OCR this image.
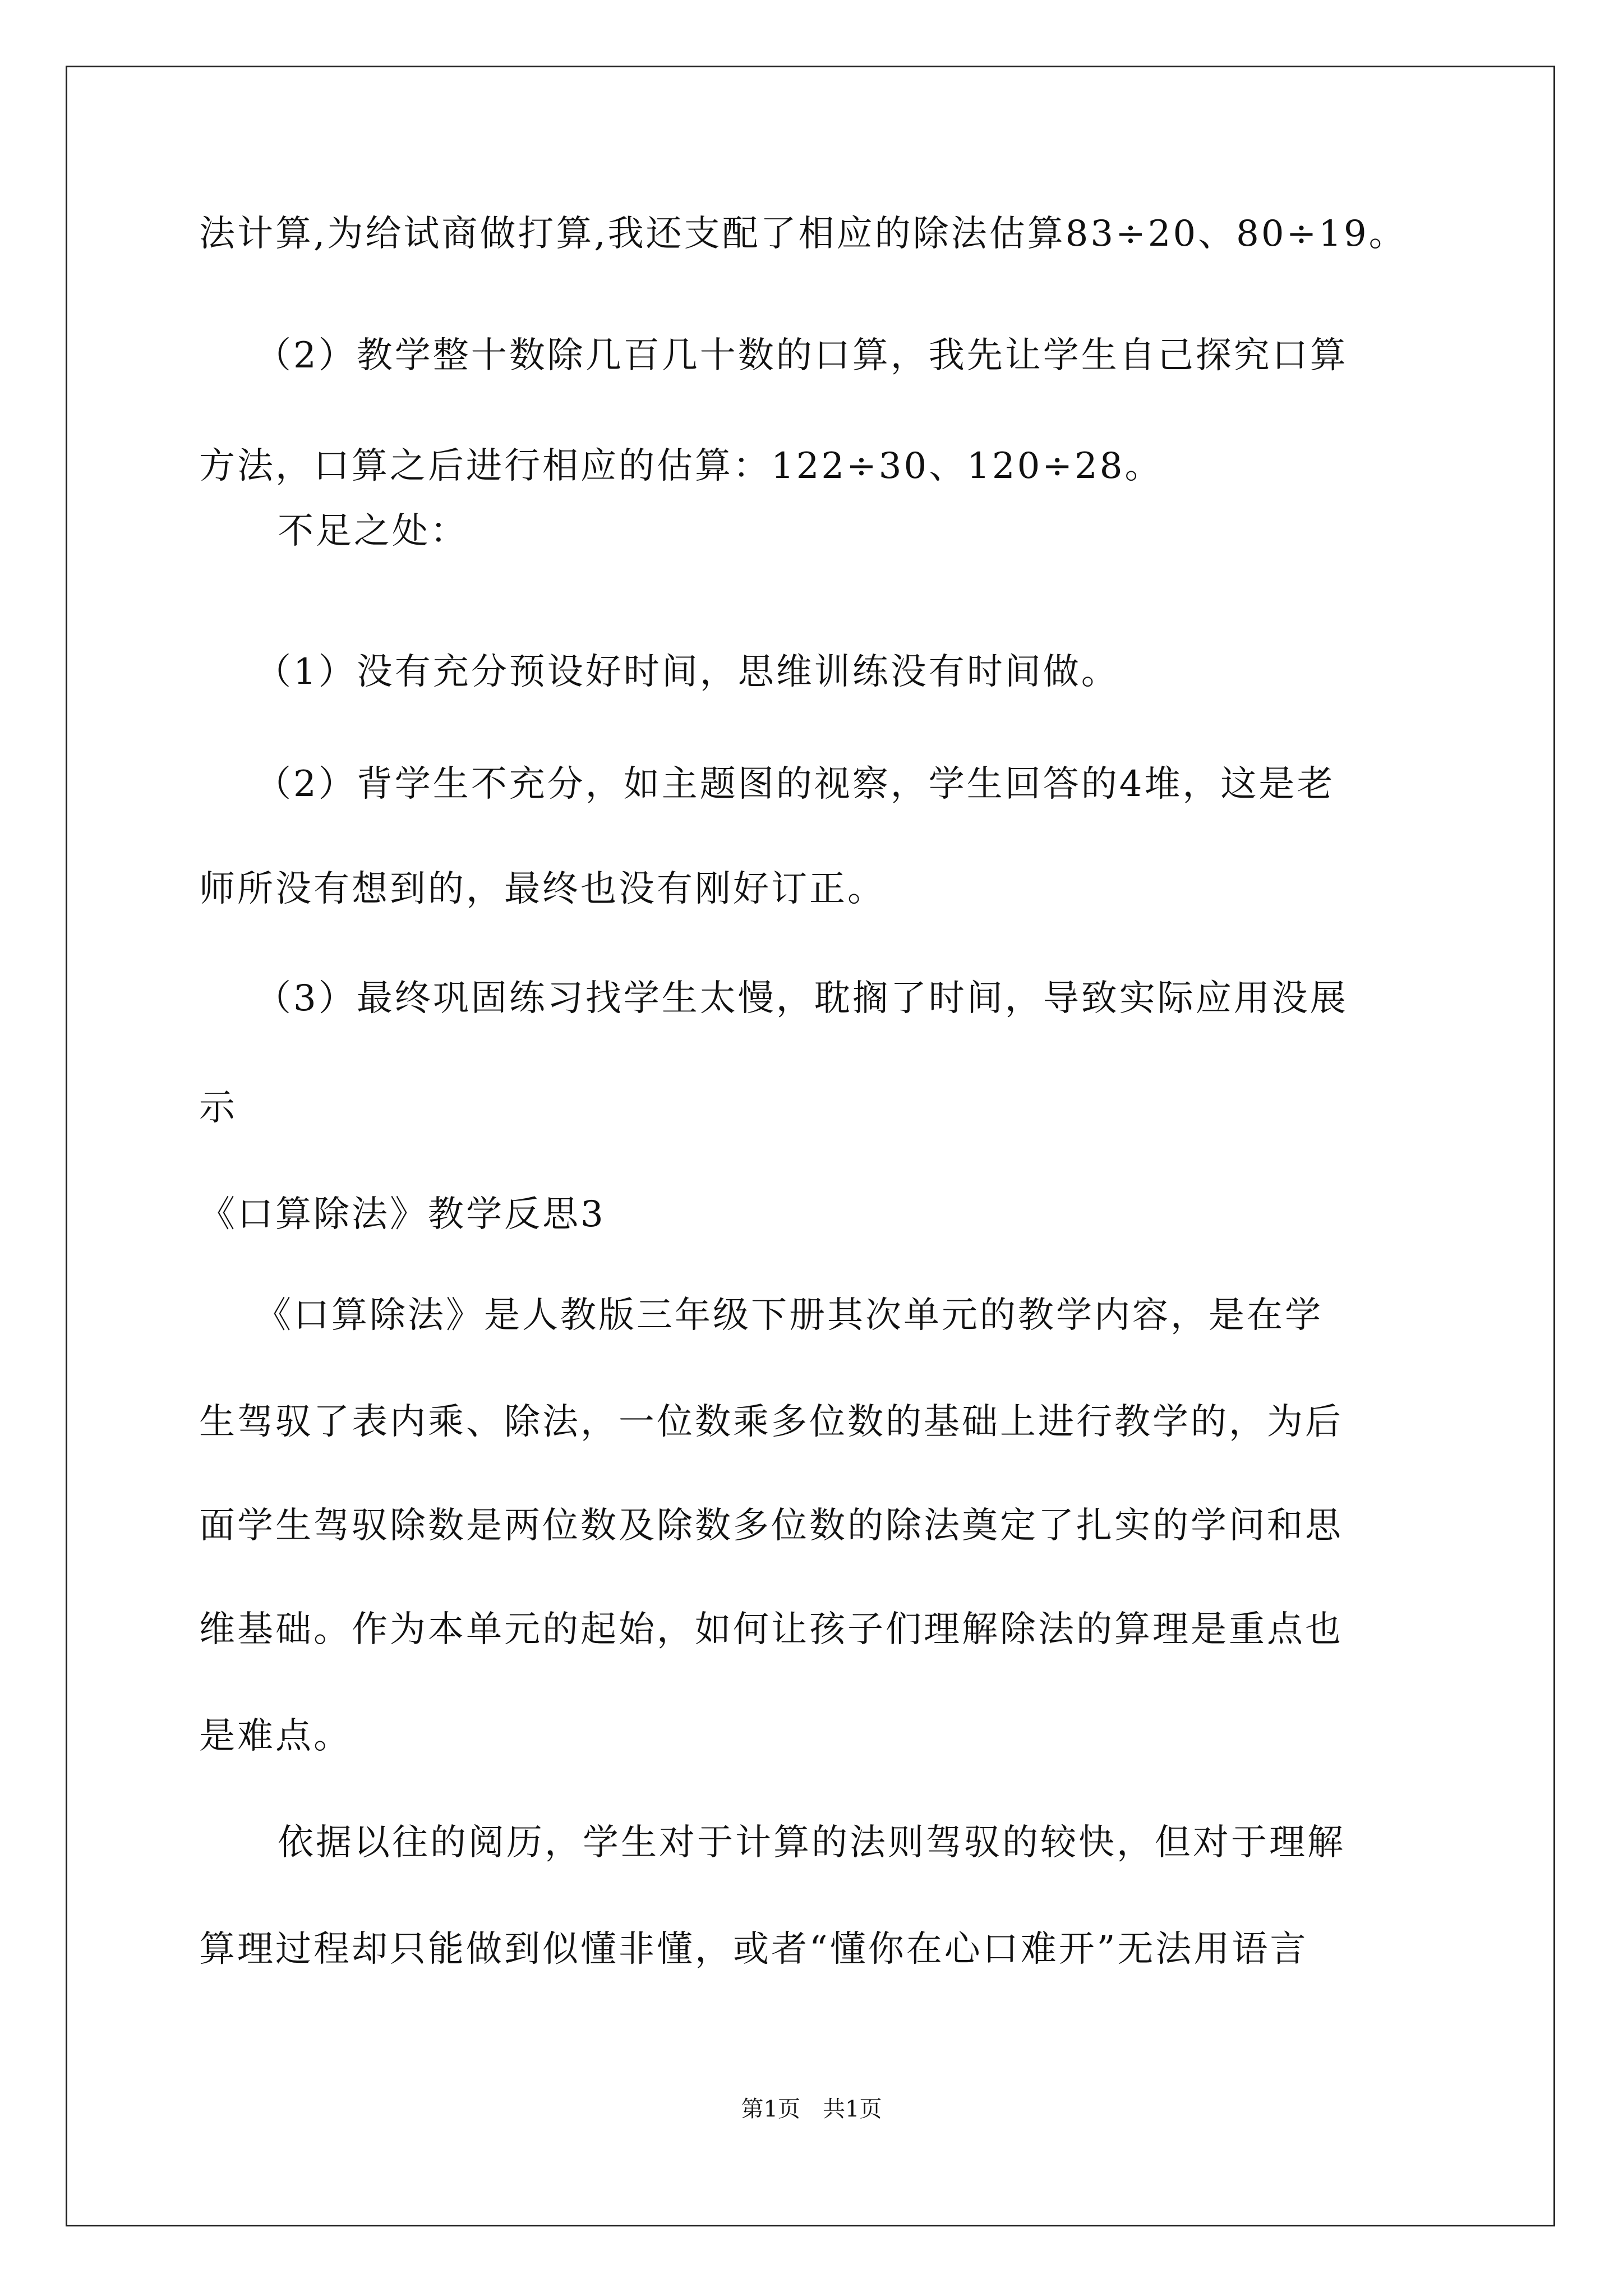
法计算,为给试商做打算,我还支配了相应的除法估算83÷20、80÷19。
（2）教学整十数除几百几十数的口算，我先让学生自己探究口算
方法，口算之后进行相应的估算：122÷30、120÷28。
不足之处：
（1）没有充分预设好时间，思维训练没有时间做。
（2）背学生不充分，如主题图的视察，学生回答的4堆，这是老
师所没有想到的，最终也没有刚好订正。
（3）最终巩固练习找学生太慢，耽搁了时间，导致实际应用没展
示
《口算除法》教学反思3
《口算除法》是人教版三年级下册其次单元的教学内容，是在学
生驾驭了表内乘、除法，一位数乘多位数的基础上进行教学的，为后
面学生驾驭除数是两位数及除数多位数的除法奠定了扎实的学问和思
维基础。作为本单元的起始，如何让孩子们理解除法的算理是重点也
是难点。
依据以往的阅历，学生对于计算的法则驾驭的较快，但对于理解
算理过程却只能做到似懂非懂，或者“懂你在心口难开”无法用语言
第1页　共1页
